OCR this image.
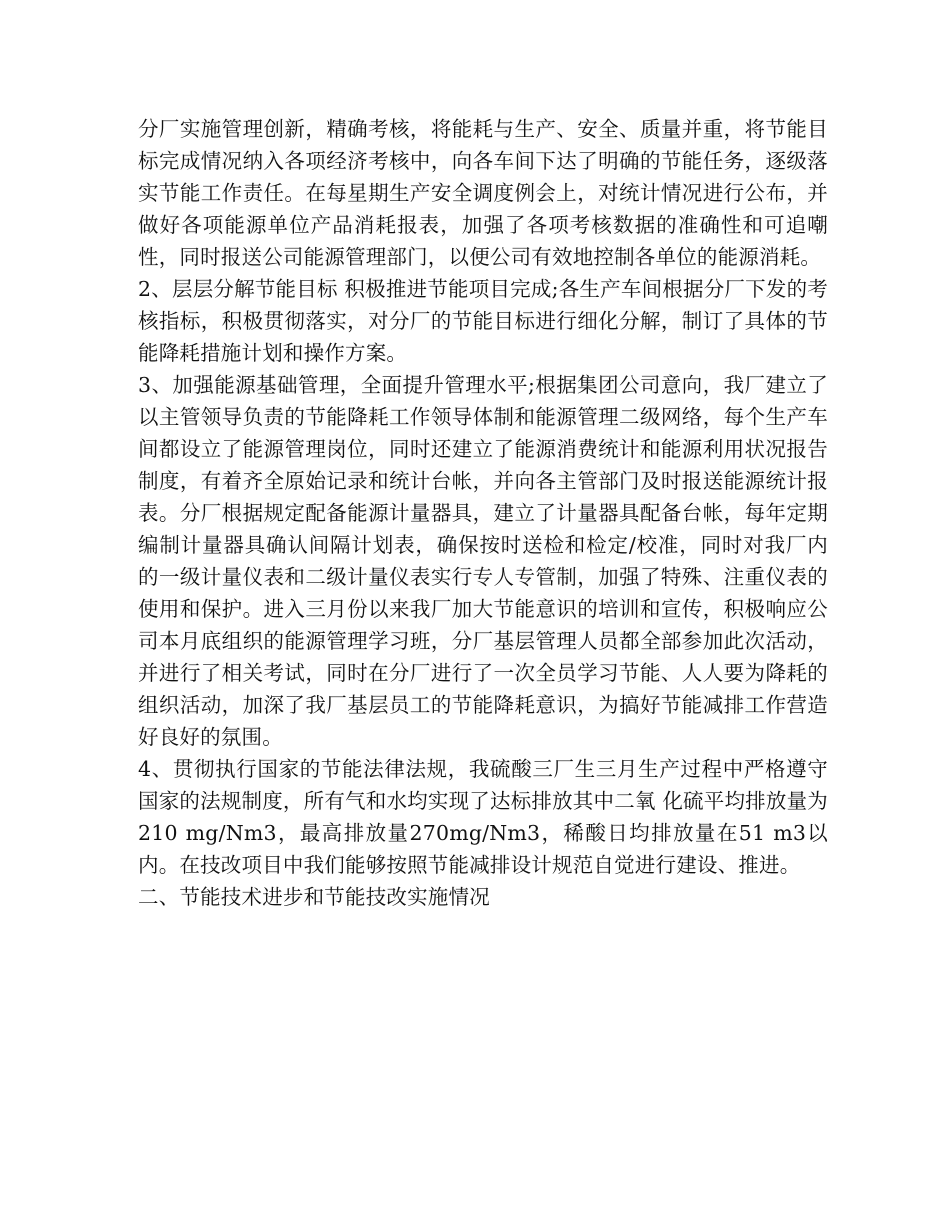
分厂实施管理创新，精确考核，将能耗与生产、安全、质量并重，将节能目标完成情况纳入各项经济考核中，向各车间下达了明确的节能任务，逐级落实节能工作责任。在每星期生产安全调度例会上，对统计情况进行公布，并做好各项能源单位产品消耗报表，加强了各项考核数据的准确性和可追嘲性，同时报送公司能源管理部门，以便公司有效地控制各单位的能源消耗。

2、层层分解节能目标 积极推进节能项目完成;各生产车间根据分厂下发的考核指标，积极贯彻落实，对分厂的节能目标进行细化分解，制订了具体的节能降耗措施计划和操作方案。

3、加强能源基础管理，全面提升管理水平;根据集团公司意向，我厂建立了以主管领导负责的节能降耗工作领导体制和能源管理二级网络，每个生产车间都设立了能源管理岗位，同时还建立了能源消费统计和能源利用状况报告制度，有着齐全原始记录和统计台帐，并向各主管部门及时报送能源统计报表。分厂根据规定配备能源计量器具，建立了计量器具配备台帐，每年定期编制计量器具确认间隔计划表，确保按时送检和检定/校准，同时对我厂内的一级计量仪表和二级计量仪表实行专人专管制，加强了特殊、注重仪表的使用和保护。进入三月份以来我厂加大节能意识的培训和宣传，积极响应公司本月底组织的能源管理学习班，分厂基层管理人员都全部参加此次活动，并进行了相关考试，同时在分厂进行了一次全员学习节能、人人要为降耗的组织活动，加深了我厂基层员工的节能降耗意识，为搞好节能减排工作营造好良好的氛围。

4、贯彻执行国家的节能法律法规，我硫酸三厂生三月生产过程中严格遵守国家的法规制度，所有气和水均实现了达标排放其中二氧 化硫平均排放量为210 mg/Nm3，最高排放量270mg/Nm3，稀酸日均排放量在51 m3以内。在技改项目中我们能够按照节能减排设计规范自觉进行建设、推进。

二、节能技术进步和节能技改实施情况
